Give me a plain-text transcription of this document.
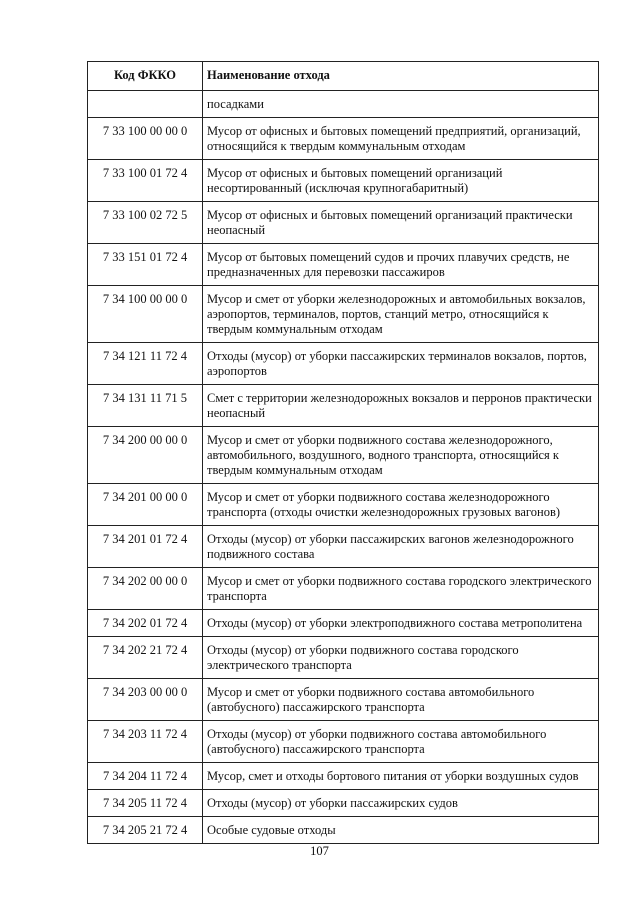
Код ФККО	Наименование отхода
	посадками
7 33 100 00 00 0	Мусор от офисных и бытовых помещений предприятий, организаций, относящийся к твердым коммунальным отходам
7 33 100 01 72 4	Мусор от офисных и бытовых помещений организаций несортированный (исключая крупногабаритный)
7 33 100 02 72 5	Мусор от офисных и бытовых помещений организаций практически неопасный
7 33 151 01 72 4	Мусор от бытовых помещений судов и прочих плавучих средств, не предназначенных для перевозки пассажиров
7 34 100 00 00 0	Мусор и смет от уборки железнодорожных и автомобильных вокзалов, аэропортов, терминалов, портов, станций метро, относящийся к твердым коммунальным отходам
7 34 121 11 72 4	Отходы (мусор) от уборки пассажирских терминалов вокзалов, портов, аэропортов
7 34 131 11 71 5	Смет с территории железнодорожных вокзалов и перронов практически неопасный
7 34 200 00 00 0	Мусор и смет от уборки подвижного состава железнодорожного, автомобильного, воздушного, водного транспорта, относящийся к твердым коммунальным отходам
7 34 201 00 00 0	Мусор и смет от уборки подвижного состава железнодорожного транспорта (отходы очистки железнодорожных грузовых вагонов)
7 34 201 01 72 4	Отходы (мусор) от уборки пассажирских вагонов железнодорожного подвижного состава
7 34 202 00 00 0	Мусор и смет от уборки подвижного состава городского электрического транспорта
7 34 202 01 72 4	Отходы (мусор) от уборки электроподвижного состава метрополитена
7 34 202 21 72 4	Отходы (мусор) от уборки подвижного состава городского электрического транспорта
7 34 203 00 00 0	Мусор и смет от уборки подвижного состава автомобильного (автобусного) пассажирского транспорта
7 34 203 11 72 4	Отходы (мусор) от уборки подвижного состава автомобильного (автобусного) пассажирского транспорта
7 34 204 11 72 4	Мусор, смет и отходы бортового питания от уборки воздушных судов
7 34 205 11 72 4	Отходы (мусор) от уборки пассажирских судов
7 34 205 21 72 4	Особые судовые отходы
107
